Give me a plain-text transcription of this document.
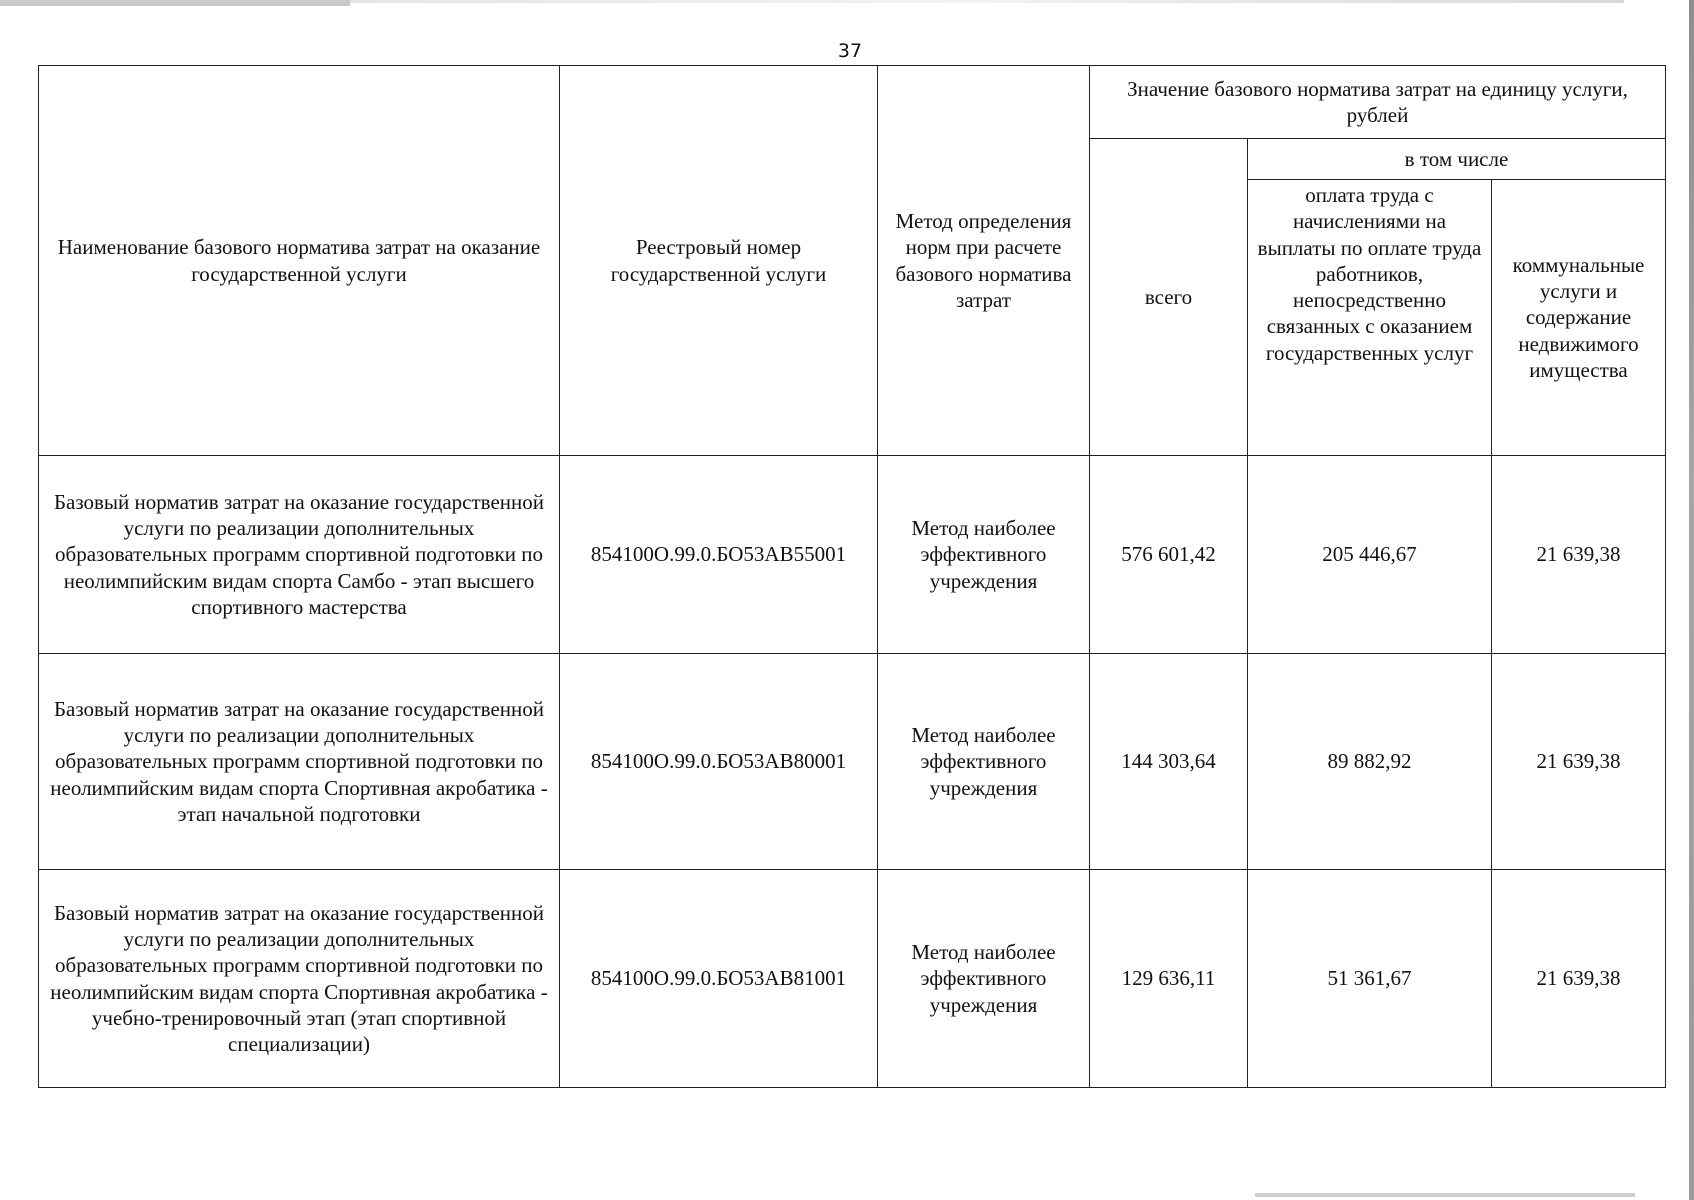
37
Наименование базового норматива затрат на оказание государственной услуги	Реестровый номер государственной услуги	Метод определения норм при расчете базового норматива затрат	Значение базового норматива затрат на единицу услуги, рублей		
			всего	в том числе	
				оплата труда с начислениями на выплаты по оплате труда работников, непосредственно связанных с оказанием государственных услуг	коммунальные услуги и содержание недвижимого имущества
Базовый норматив затрат на оказание государственной услуги по реализации дополнительных образовательных программ спортивной подготовки по неолимпийским видам спорта Самбо - этап высшего спортивного мастерства	854100О.99.0.БО53АВ55001	Метод наиболее эффективного учреждения	576 601,42	205 446,67	21 639,38
Базовый норматив затрат на оказание государственной услуги по реализации дополнительных образовательных программ спортивной подготовки по неолимпийским видам спорта Спортивная акробатика - этап начальной подготовки	854100О.99.0.БО53АВ80001	Метод наиболее эффективного учреждения	144 303,64	89 882,92	21 639,38
Базовый норматив затрат на оказание государственной услуги по реализации дополнительных образовательных программ спортивной подготовки по неолимпийским видам спорта Спортивная акробатика - учебно-тренировочный этап (этап спортивной специализации)	854100О.99.0.БО53АВ81001	Метод наиболее эффективного учреждения	129 636,11	51 361,67	21 639,38
